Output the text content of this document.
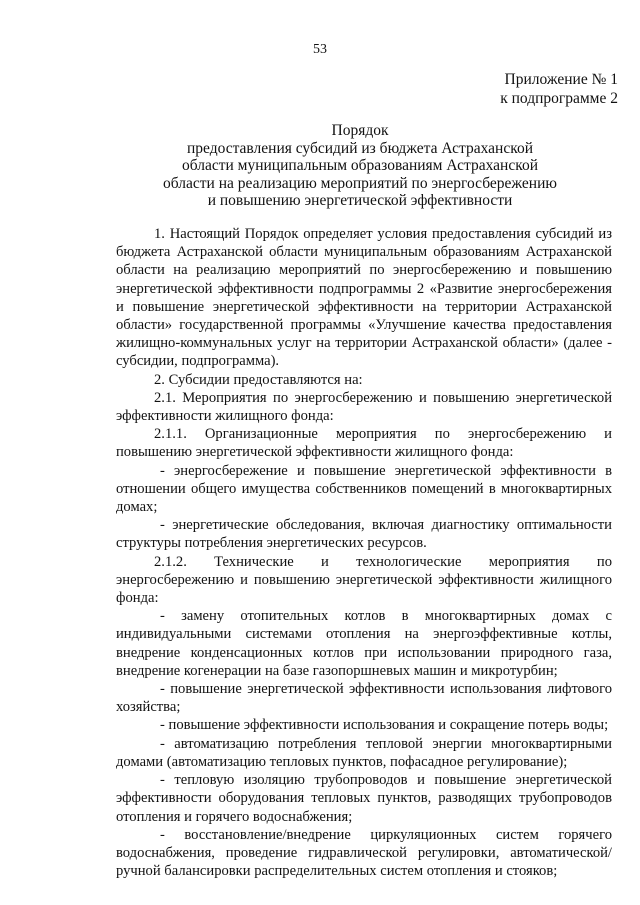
53
Приложение № 1
к подпрограмме 2
Порядок
предоставления субсидий из бюджета Астраханской
области муниципальным образованиям Астраханской
области на реализацию мероприятий по энергосбережению
и повышению энергетической эффективности

1. Настоящий Порядок определяет условия предоставления субсидий из бюджета Астраханской области муниципальным образованиям Астраханской области на реализацию мероприятий по энергосбережению и повышению энергетической эффективности подпрограммы 2 «Развитие энергосбережения и повышение энергетической эффективности на территории Астраханской области» государственной программы «Улучшение качества предоставления жилищно-коммунальных услуг на территории Астраханской области» (далее - субсидии, подпрограмма).

2. Субсидии предоставляются на:

2.1. Мероприятия по энергосбережению и повышению энергетической эффективности жилищного фонда:

2.1.1. Организационные мероприятия по энергосбережению и повышению энергетической эффективности жилищного фонда:

- энергосбережение и повышение энергетической эффективности в отношении общего имущества собственников помещений в многоквартирных домах;

- энергетические обследования, включая диагностику оптимальности структуры потребления энергетических ресурсов.

2.1.2. Технические и технологические мероприятия по энергосбережению и повышению энергетической эффективности жилищного фонда:

- замену отопительных котлов в многоквартирных домах с индивидуальными системами отопления на энергоэффективные котлы, внедрение конденсационных котлов при использовании природного газа, внедрение когенерации на базе газопоршневых машин и микротурбин;

- повышение энергетической эффективности использования лифтового хозяйства;

- повышение эффективности использования и сокращение потерь воды;

- автоматизацию потребления тепловой энергии многоквартирными домами (автоматизацию тепловых пунктов, пофасадное регулирование);

- тепловую изоляцию трубопроводов и повышение энергетической эффективности оборудования тепловых пунктов, разводящих трубопроводов отопления и горячего водоснабжения;

- восстановление/внедрение циркуляционных систем горячего водоснабжения, проведение гидравлической регулировки, автоматической/ручной балансировки распределительных систем отопления и стояков;
